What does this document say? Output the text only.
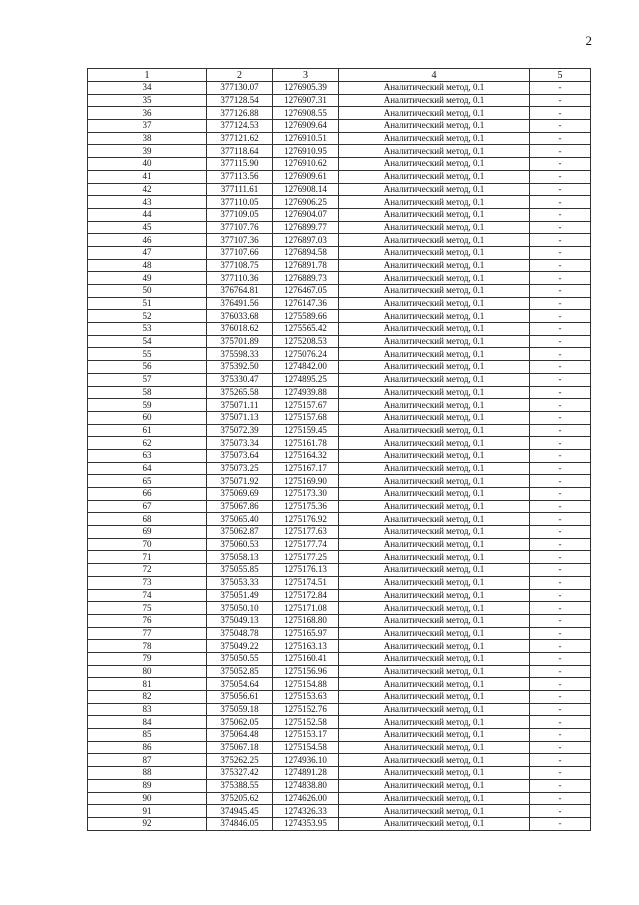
2
1	2	3	4	5
34	377130.07	1276905.39	Аналитический метод, 0.1	-
35	377128.54	1276907.31	Аналитический метод, 0.1	-
36	377126.88	1276908.55	Аналитический метод, 0.1	-
37	377124.53	1276909.64	Аналитический метод, 0.1	-
38	377121.62	1276910.51	Аналитический метод, 0.1	-
39	377118.64	1276910.95	Аналитический метод, 0.1	-
40	377115.90	1276910.62	Аналитический метод, 0.1	-
41	377113.56	1276909.61	Аналитический метод, 0.1	-
42	377111.61	1276908.14	Аналитический метод, 0.1	-
43	377110.05	1276906.25	Аналитический метод, 0.1	-
44	377109.05	1276904.07	Аналитический метод, 0.1	-
45	377107.76	1276899.77	Аналитический метод, 0.1	-
46	377107.36	1276897.03	Аналитический метод, 0.1	-
47	377107.66	1276894.58	Аналитический метод, 0.1	-
48	377108.75	1276891.78	Аналитический метод, 0.1	-
49	377110.36	1276889.73	Аналитический метод, 0.1	-
50	376764.81	1276467.05	Аналитический метод, 0.1	-
51	376491.56	1276147.36	Аналитический метод, 0.1	-
52	376033.68	1275589.66	Аналитический метод, 0.1	-
53	376018.62	1275565.42	Аналитический метод, 0.1	-
54	375701.89	1275208.53	Аналитический метод, 0.1	-
55	375598.33	1275076.24	Аналитический метод, 0.1	-
56	375392.50	1274842.00	Аналитический метод, 0.1	-
57	375330.47	1274895.25	Аналитический метод, 0.1	-
58	375265.58	1274939.88	Аналитический метод, 0.1	-
59	375071.11	1275157.67	Аналитический метод, 0.1	-
60	375071.13	1275157.68	Аналитический метод, 0.1	-
61	375072.39	1275159.45	Аналитический метод, 0.1	-
62	375073.34	1275161.78	Аналитический метод, 0.1	-
63	375073.64	1275164.32	Аналитический метод, 0.1	-
64	375073.25	1275167.17	Аналитический метод, 0.1	-
65	375071.92	1275169.90	Аналитический метод, 0.1	-
66	375069.69	1275173.30	Аналитический метод, 0.1	-
67	375067.86	1275175.36	Аналитический метод, 0.1	-
68	375065.40	1275176.92	Аналитический метод, 0.1	-
69	375062.87	1275177.63	Аналитический метод, 0.1	-
70	375060.53	1275177.74	Аналитический метод, 0.1	-
71	375058.13	1275177.25	Аналитический метод, 0.1	-
72	375055.85	1275176.13	Аналитический метод, 0.1	-
73	375053.33	1275174.51	Аналитический метод, 0.1	-
74	375051.49	1275172.84	Аналитический метод, 0.1	-
75	375050.10	1275171.08	Аналитический метод, 0.1	-
76	375049.13	1275168.80	Аналитический метод, 0.1	-
77	375048.78	1275165.97	Аналитический метод, 0.1	-
78	375049.22	1275163.13	Аналитический метод, 0.1	-
79	375050.55	1275160.41	Аналитический метод, 0.1	-
80	375052.85	1275156.96	Аналитический метод, 0.1	-
81	375054.64	1275154.88	Аналитический метод, 0.1	-
82	375056.61	1275153.63	Аналитический метод, 0.1	-
83	375059.18	1275152.76	Аналитический метод, 0.1	-
84	375062.05	1275152.58	Аналитический метод, 0.1	-
85	375064.48	1275153.17	Аналитический метод, 0.1	-
86	375067.18	1275154.58	Аналитический метод, 0.1	-
87	375262.25	1274936.10	Аналитический метод, 0.1	-
88	375327.42	1274891.28	Аналитический метод, 0.1	-
89	375388.55	1274838.80	Аналитический метод, 0.1	-
90	375205.62	1274626.00	Аналитический метод, 0.1	-
91	374945.45	1274326.33	Аналитический метод, 0.1	-
92	374846.05	1274353.95	Аналитический метод, 0.1	-
